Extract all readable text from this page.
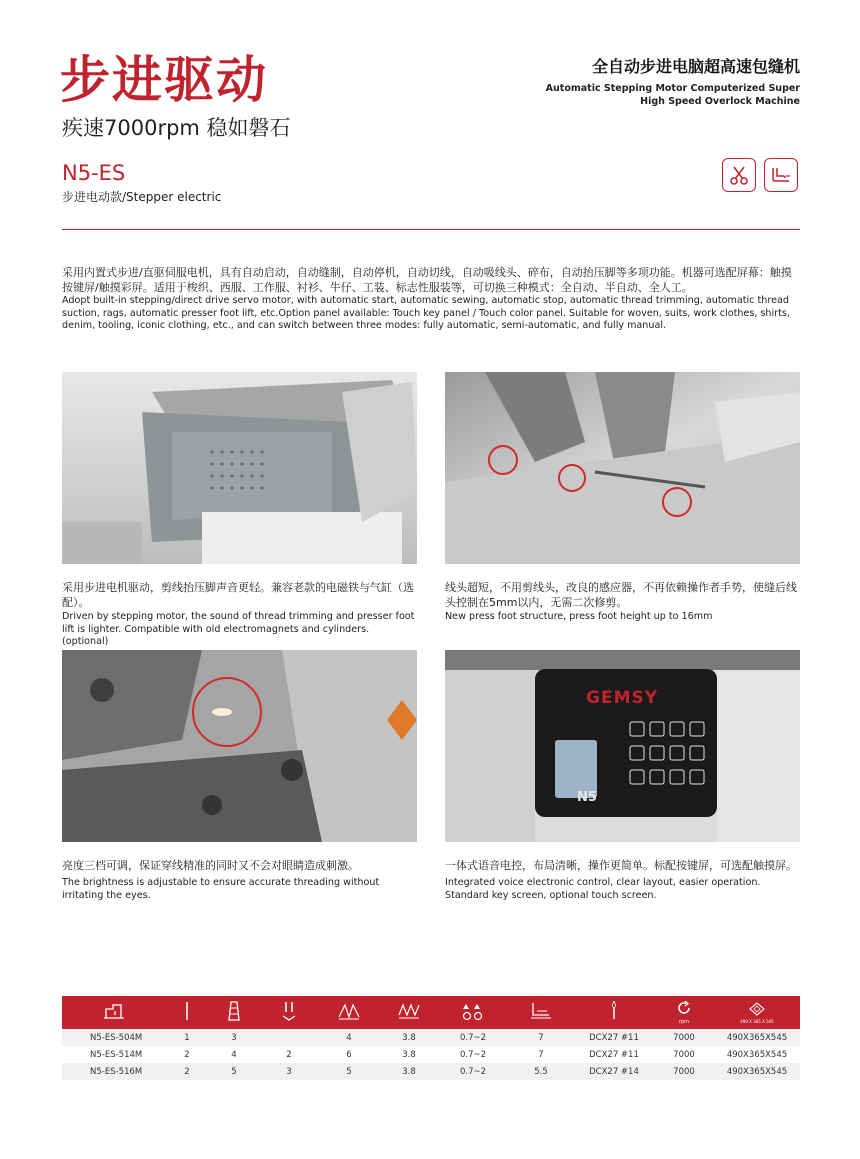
步进驱动
疾速7000rpm 稳如磐石
全自动步进电脑超高速包缝机
Automatic Stepping Motor Computerized Super
High Speed Overlock Machine
N5-ES
步进电动款/Stepper electric
采用内置式步进/直驱伺服电机，具有自动启动，自动缝制，自动停机，自动切线，自动吸线头、碎布，自动抬压脚等多项功能。机器可选配屏幕：触摸按键屏/触摸彩屏。适用于梭织、西服、工作服、衬衫、牛仔、工装、标志性服装等，可切换三种模式：全自动、半自动、全人工。
Adopt built-in stepping/direct drive servo motor, with automatic start, automatic sewing, automatic stop, automatic thread trimming, automatic thread suction, rags, automatic presser foot lift, etc.Option panel available: Touch key panel / Touch color panel. Suitable for woven, suits, work clothes, shirts, denim, tooling, iconic clothing, etc., and can switch between three modes: fully automatic, semi-automatic, and fully manual.
采用步进电机驱动，剪线抬压脚声音更轻。兼容老款的电磁铁与气缸（选配）。
Driven by stepping motor, the sound of thread trimming and presser foot lift is lighter. Compatible with old electromagnets and cylinders. (optional)
线头超短，不用剪线头，改良的感应器，不再依赖操作者手势，使缝后线头控制在5mm以内，无需二次修剪。
New press foot structure, press foot height up to 16mm
GEMSY
N5
亮度三档可调，保证穿线精准的同时又不会对眼睛造成刺激。
The brightness is adjustable to ensure accurate threading without irritating the eyes.
一体式语音电控，布局清晰，操作更简单。标配按键屏，可选配触摸屏。
Integrated voice electronic control, clear layout, easier operation. Standard key screen, optional touch screen.

rpm	490 X 365 X 545

N5-ES-504M	1	3		4	3.8	0.7~2	7	DCX27 #11	7000	490X365X545
N5-ES-514M	2	4	2	6	3.8	0.7~2	7	DCX27 #11	7000	490X365X545
N5-ES-516M	2	5	3	5	3.8	0.7~2	5.5	DCX27 #14	7000	490X365X545
